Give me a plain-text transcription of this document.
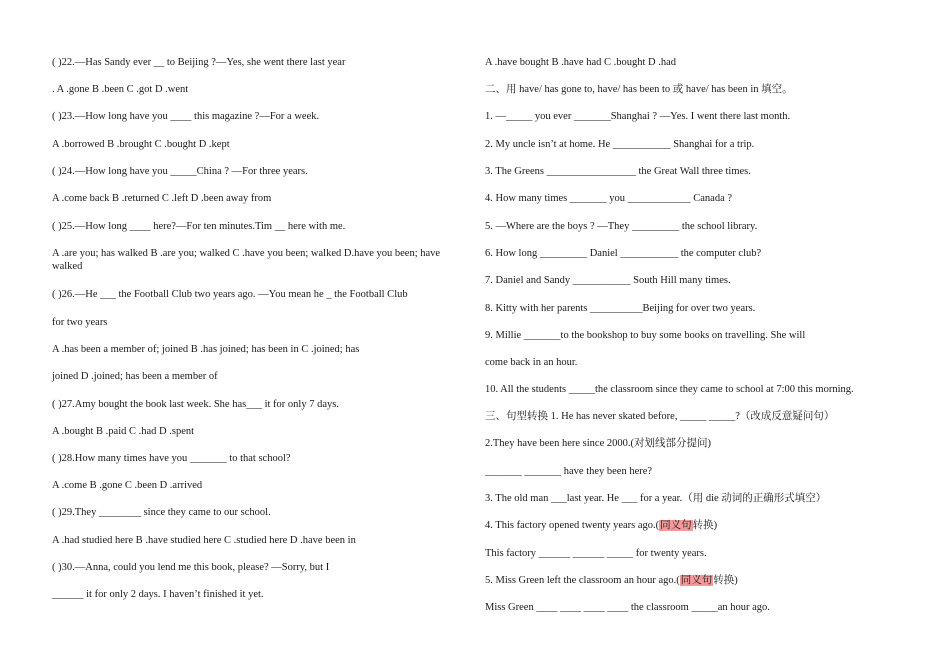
( )22.—Has Sandy ever __ to Beijing ?—Yes, she went there last year
. A .gone B .been C .got D .went
( )23.—How long have you ____ this magazine ?—For a week.
A .borrowed B .brought C .bought D .kept
( )24.—How long have you _____China ? —For three years.
A .come back B .returned C .left D .been away from
( )25.—How long ____ here?—For ten minutes.Tim __ here with me.
A .are you; has walked B .are you; walked C .have you been; walked D.have you been; have walked
( )26.—He ___ the Football Club two years ago. —You mean he _ the Football Club
for two years
A .has been a member of; joined B .has joined; has been in C .joined; has
joined D .joined; has been a member of
( )27.Amy bought the book last week. She has___ it for only 7 days.
A .bought B .paid C .had D .spent
( )28.How many times have you _______ to that school?
A .come B .gone C .been D .arrived
( )29.They ________ since they came to our school.
A .had studied here B .have studied here C .studied here D .have been in
( )30.—Anna, could you lend me this book, please? —Sorry, but I
______ it for only 2 days. I haven’t finished it yet.
A .have bought B .have had C .bought D .had
二、用 have/ has gone to, have/ has been to 或 have/ has been in 填空。
1. —_____ you ever _______Shanghai ? —Yes. I went there last month.
2. My uncle isn’t at home. He ___________ Shanghai for a trip.
3. The Greens _________________ the Great Wall three times.
4. How many times _______ you ____________ Canada ?
5. —Where are the boys ? —They _________ the school library.
6. How long _________ Daniel ___________ the computer club?
7. Daniel and Sandy ___________ South Hill many times.
8. Kitty with her parents __________Beijing for over two years.
9. Millie _______to the bookshop to buy some books on travelling. She will
come back in an hour.
10. All the students _____the classroom since they came to school at 7:00 this morning.
三、句型转换 1. He has never skated before, _____ _____?（改成反意疑问句）
2.They have been here since 2000.(对划线部分提问)
_______ _______ have they been here?
3. The old man ___last year. He ___ for a year.（用 die 动词的正确形式填空）
4. This factory opened twenty years ago.(同义句转换)
This factory ______ ______ _____ for twenty years.
5. Miss Green left the classroom an hour ago.(同义句转换)
Miss Green ____ ____ ____ ____ the classroom _____an hour ago.
